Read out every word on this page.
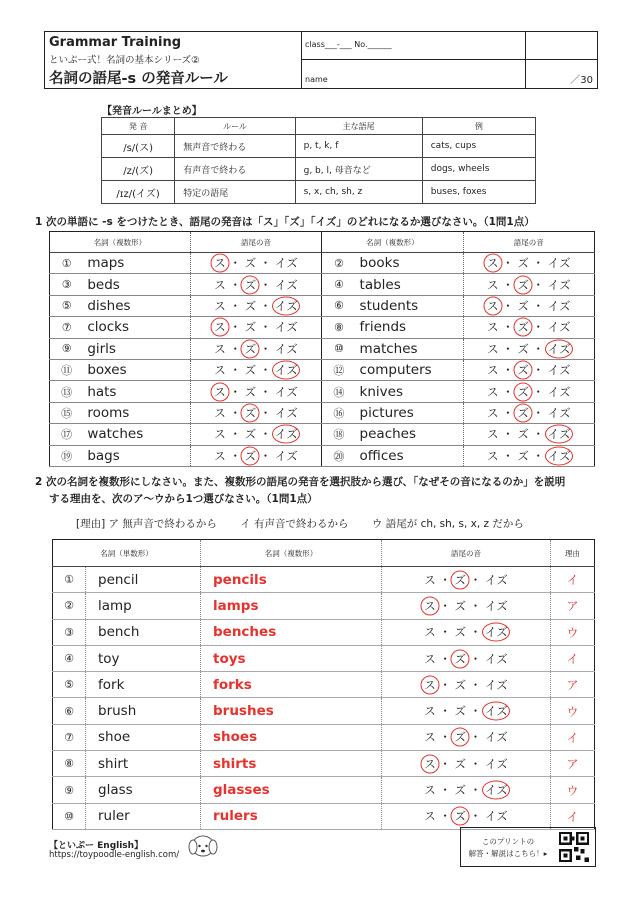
Grammar Training
といぷー式！名詞の基本シリーズ②
名詞の語尾-s の発音ルール
class___-___ No.______
name	／30
【発音ルールまとめ】
発 音	ルール	主な語尾	例
/s/(ス)	無声音で終わる	p, t, k, f	cats, cups
/z/(ズ)	有声音で終わる	g, b, l, 母音など	dogs, wheels
/ɪz/(イズ)	特定の語尾	s, x, ch, sh, z	buses, foxes
1 次の単語に -s をつけたとき、語尾の発音は「ス」「ズ」「イズ」のどれになるか選びなさい。（1問1点）
名詞（複数形）		語尾の音	名詞（複数形）		語尾の音
①	maps	ス ・ ズ ・ イズ	②	books	ス ・ ズ ・ イズ
③	beds	ス ・ ズ ・ イズ	④	tables	ス ・ ズ ・ イズ
⑤	dishes	ス ・ ズ ・ イズ	⑥	students	ス ・ ズ ・ イズ
⑦	clocks	ス ・ ズ ・ イズ	⑧	friends	ス ・ ズ ・ イズ
⑨	girls	ス ・ ズ ・ イズ	⑩	matches	ス ・ ズ ・ イズ
⑪	boxes	ス ・ ズ ・ イズ	⑫	computers	ス ・ ズ ・ イズ
⑬	hats	ス ・ ズ ・ イズ	⑭	knives	ス ・ ズ ・ イズ
⑮	rooms	ス ・ ズ ・ イズ	⑯	pictures	ス ・ ズ ・ イズ
⑰	watches	ス ・ ズ ・ イズ	⑱	peaches	ス ・ ズ ・ イズ
⑲	bags	ス ・ ズ ・ イズ	⑳	offices	ス ・ ズ ・ イズ
2 次の名詞を複数形にしなさい。また、複数形の語尾の発音を選択肢から選び、「なぜその音になるのか」を説明
する理由を、次のア〜ウから1つ選びなさい。（1問1点）
[理由] ア 無声音で終わるから イ 有声音で終わるから ウ 語尾が ch, sh, s, x, z だから
名詞（単数形）		名詞（複数形）	語尾の音	理由
①	pencil	pencils	ス ・ ズ ・ イズ	イ
②	lamp	lamps	ス ・ ズ ・ イズ	ア
③	bench	benches	ス ・ ズ ・ イズ	ウ
④	toy	toys	ス ・ ズ ・ イズ	イ
⑤	fork	forks	ス ・ ズ ・ イズ	ア
⑥	brush	brushes	ス ・ ズ ・ イズ	ウ
⑦	shoe	shoes	ス ・ ズ ・ イズ	イ
⑧	shirt	shirts	ス ・ ズ ・ イズ	ア
⑨	glass	glasses	ス ・ ズ ・ イズ	ウ
⑩	ruler	rulers	ス ・ ズ ・ イズ	イ
【といぷー English】
https://toypoodle-english.com/
このプリントの
解答・解説はこちら！▸
